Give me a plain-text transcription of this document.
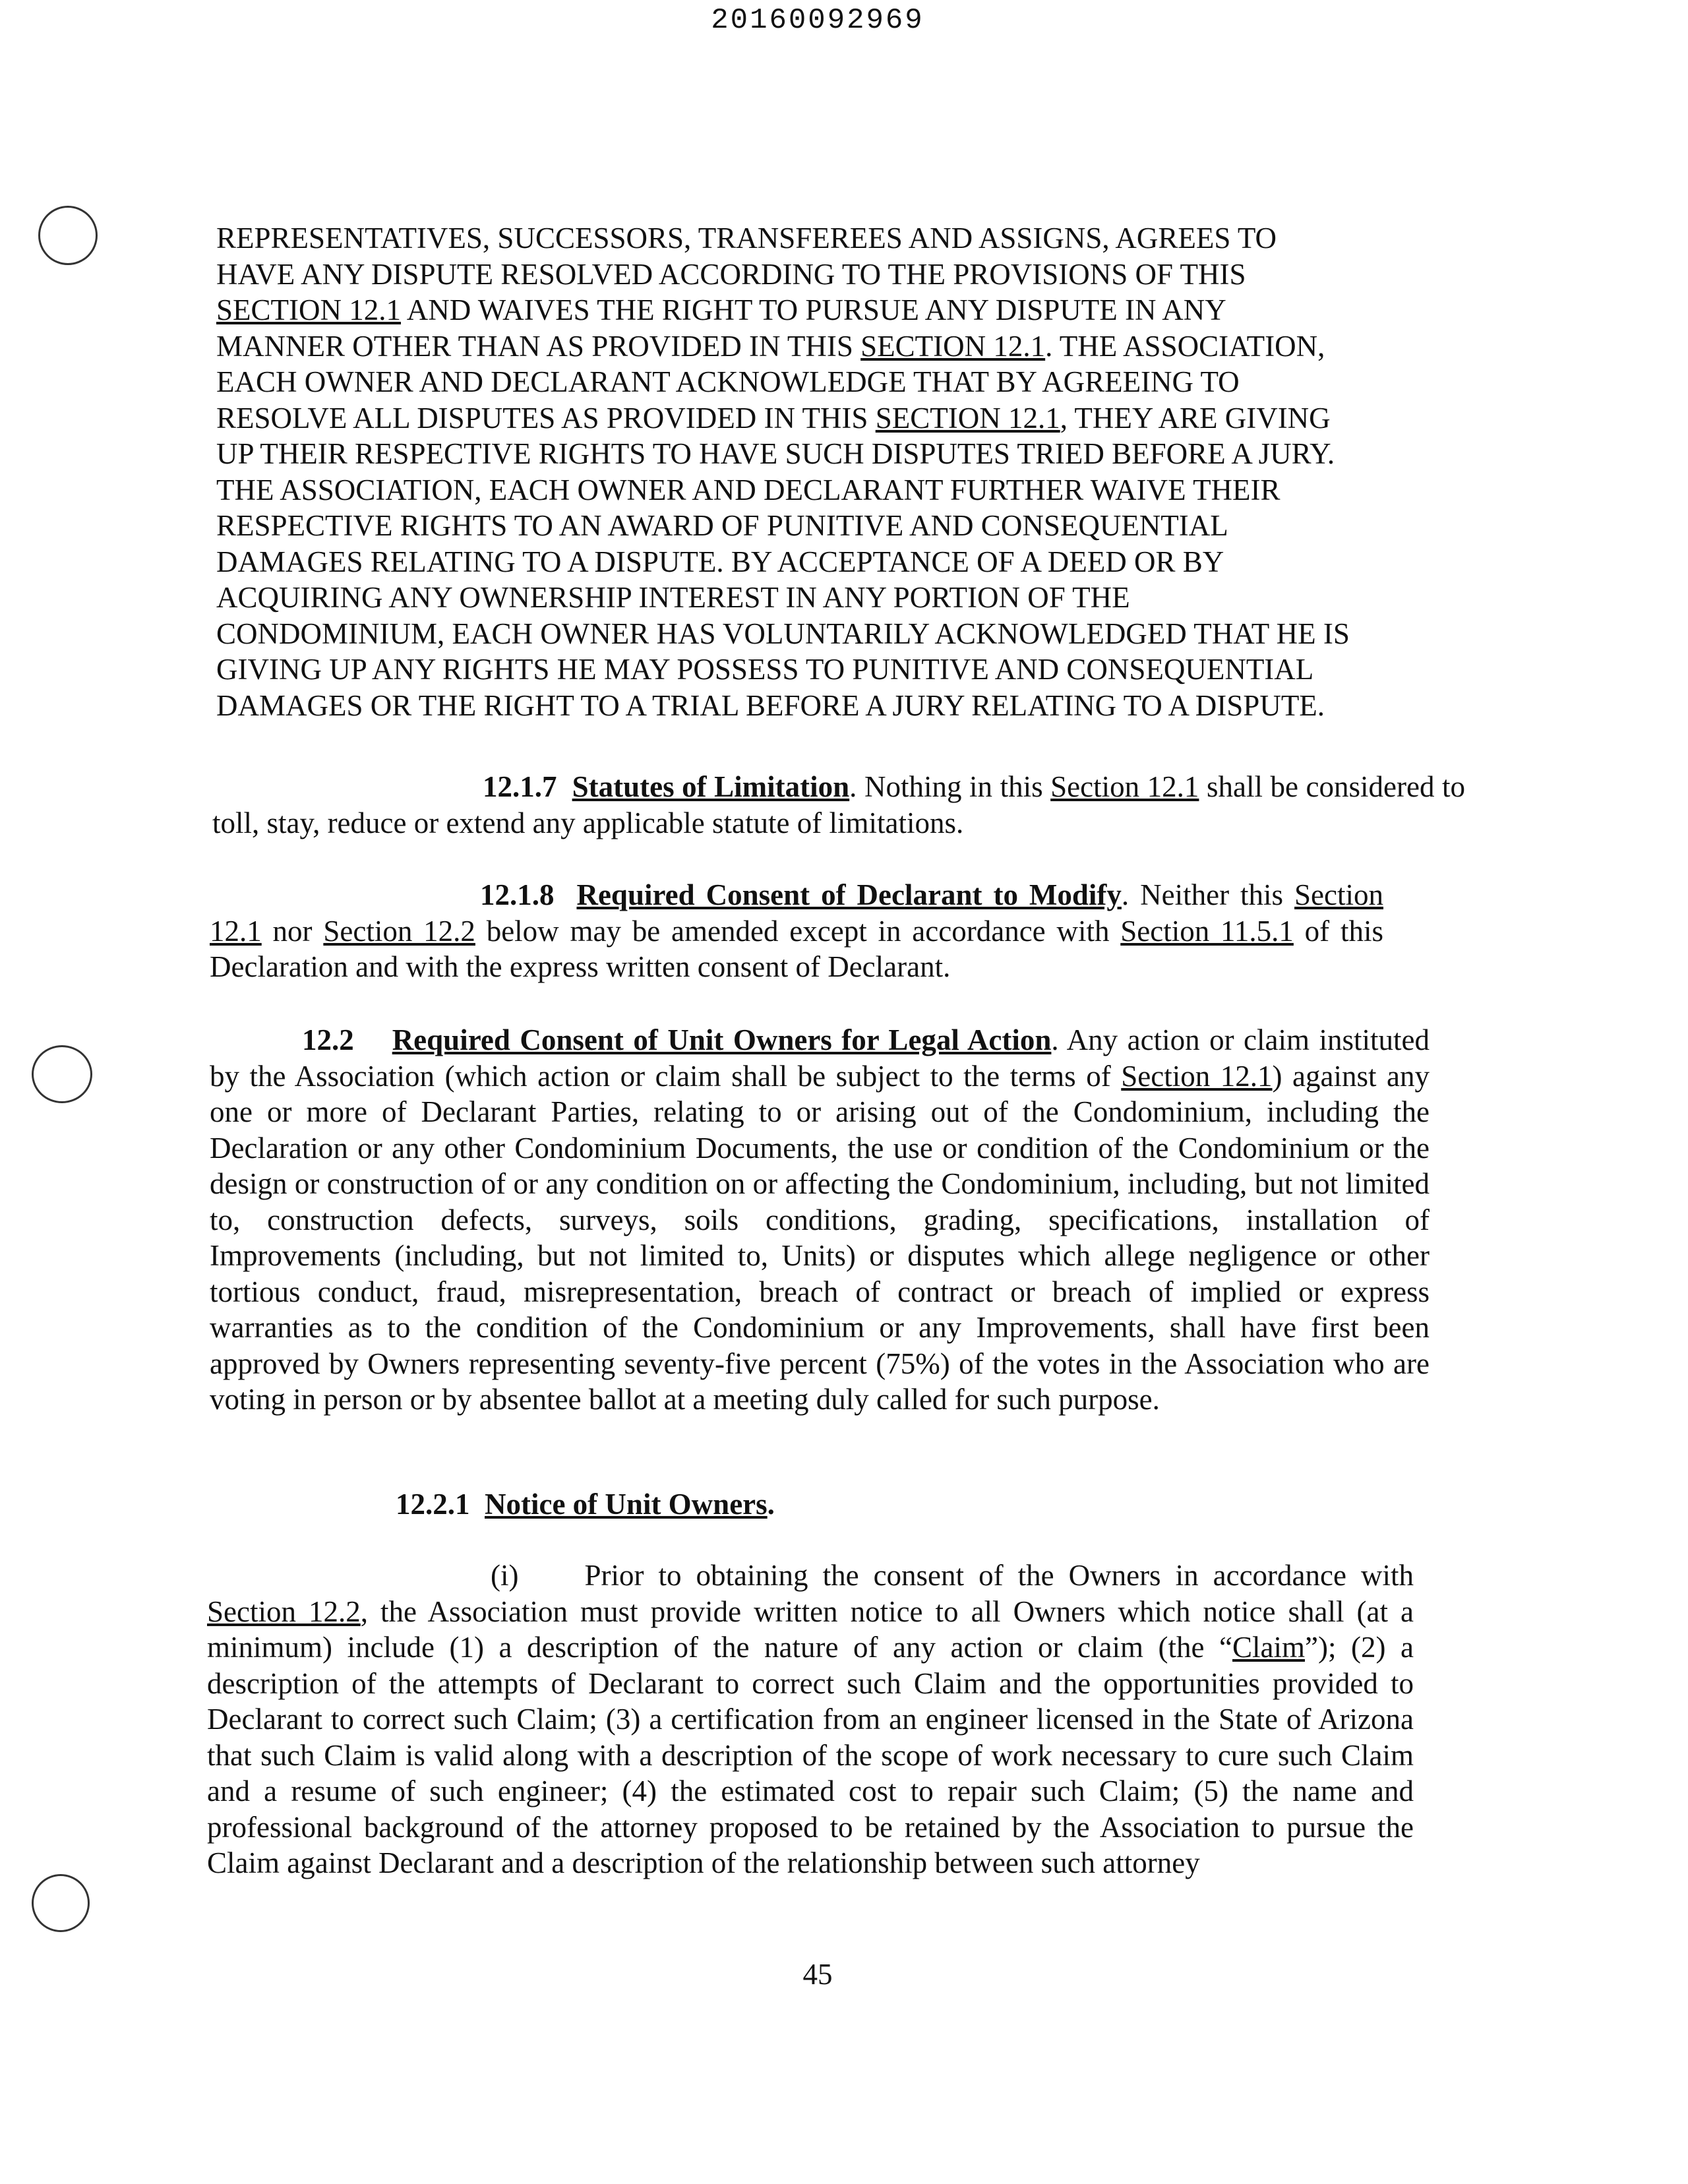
20160092969
REPRESENTATIVES, SUCCESSORS, TRANSFEREES AND ASSIGNS, AGREES TO
HAVE ANY DISPUTE RESOLVED ACCORDING TO THE PROVISIONS OF THIS
SECTION 12.1 AND WAIVES THE RIGHT TO PURSUE ANY DISPUTE IN ANY
MANNER OTHER THAN AS PROVIDED IN THIS SECTION 12.1. THE ASSOCIATION,
EACH OWNER AND DECLARANT ACKNOWLEDGE THAT BY AGREEING TO
RESOLVE ALL DISPUTES AS PROVIDED IN THIS SECTION 12.1, THEY ARE GIVING
UP THEIR RESPECTIVE RIGHTS TO HAVE SUCH DISPUTES TRIED BEFORE A JURY.
THE ASSOCIATION, EACH OWNER AND DECLARANT FURTHER WAIVE THEIR
RESPECTIVE RIGHTS TO AN AWARD OF PUNITIVE AND CONSEQUENTIAL
DAMAGES RELATING TO A DISPUTE. BY ACCEPTANCE OF A DEED OR BY
ACQUIRING ANY OWNERSHIP INTEREST IN ANY PORTION OF THE
CONDOMINIUM, EACH OWNER HAS VOLUNTARILY ACKNOWLEDGED THAT HE IS
GIVING UP ANY RIGHTS HE MAY POSSESS TO PUNITIVE AND CONSEQUENTIAL
DAMAGES OR THE RIGHT TO A TRIAL BEFORE A JURY RELATING TO A DISPUTE.
12.1.7 Statutes of Limitation. Nothing in this Section 12.1 shall be considered to toll, stay, reduce or extend any applicable statute of limitations.
12.1.8 Required Consent of Declarant to Modify. Neither this Section 12.1 nor Section 12.2 below may be amended except in accordance with Section 11.5.1 of this Declaration and with the express written consent of Declarant.
12.2 Required Consent of Unit Owners for Legal Action. Any action or claim instituted by the Association (which action or claim shall be subject to the terms of Section 12.1) against any one or more of Declarant Parties, relating to or arising out of the Condominium, including the Declaration or any other Condominium Documents, the use or condition of the Condominium or the design or construction of or any condition on or affecting the Condominium, including, but not limited to, construction defects, surveys, soils conditions, grading, specifications, installation of Improvements (including, but not limited to, Units) or disputes which allege negligence or other tortious conduct, fraud, misrepresentation, breach of contract or breach of implied or express warranties as to the condition of the Condominium or any Improvements, shall have first been approved by Owners representing seventy-five percent (75%) of the votes in the Association who are voting in person or by absentee ballot at a meeting duly called for such purpose.
12.2.1 Notice of Unit Owners.
(i) Prior to obtaining the consent of the Owners in accordance with Section 12.2, the Association must provide written notice to all Owners which notice shall (at a minimum) include (1) a description of the nature of any action or claim (the “Claim”); (2) a description of the attempts of Declarant to correct such Claim and the opportunities provided to Declarant to correct such Claim; (3) a certification from an engineer licensed in the State of Arizona that such Claim is valid along with a description of the scope of work necessary to cure such Claim and a resume of such engineer; (4) the estimated cost to repair such Claim; (5) the name and professional background of the attorney proposed to be retained by the Association to pursue the Claim against Declarant and a description of the relationship between such attorney
45
